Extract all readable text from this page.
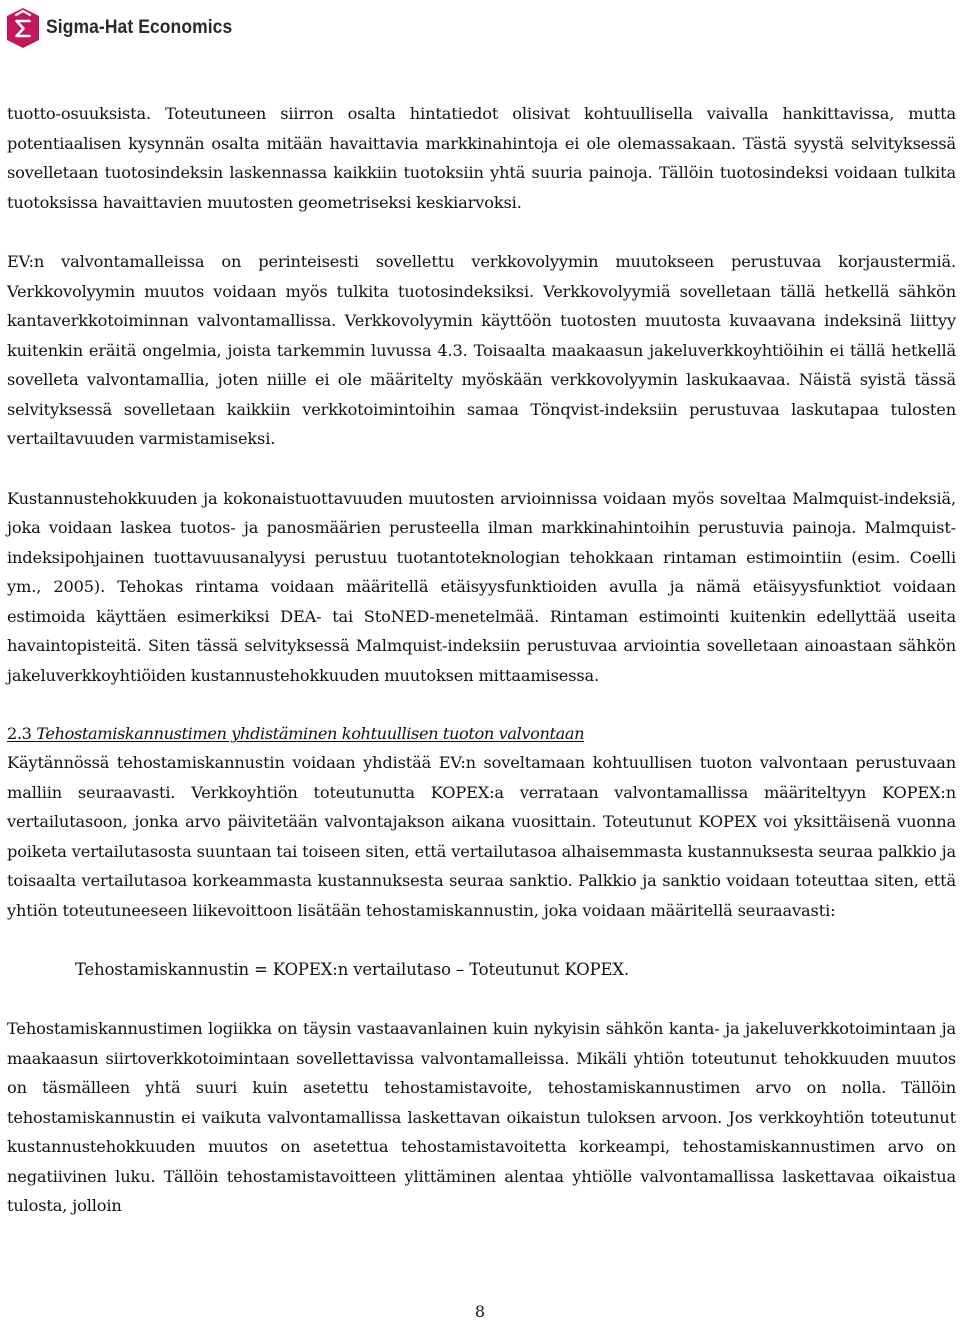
Sigma-Hat Economics

tuotto-osuuksista. Toteutuneen siirron osalta hintatiedot olisivat kohtuullisella vaivalla hankittavissa, mutta potentiaalisen kysynnän osalta mitään havaittavia markkinahintoja ei ole olemassakaan. Tästä syystä selvityksessä sovelletaan tuotosindeksin laskennassa kaikkiin tuotoksiin yhtä suuria painoja. Tällöin tuotosindeksi voidaan tulkita tuotoksissa havaittavien muutosten geometriseksi keskiarvoksi.

EV:n valvontamalleissa on perinteisesti sovellettu verkkovolyymin muutokseen perustuvaa korjaustermiä. Verkkovolyymin muutos voidaan myös tulkita tuotosindeksiksi. Verkkovolyymiä sovelletaan tällä hetkellä sähkön kantaverkkotoiminnan valvontamallissa. Verkkovolyymin käyttöön tuotosten muutosta kuvaavana indeksinä liittyy kuitenkin eräitä ongelmia, joista tarkemmin luvussa 4.3. Toisaalta maakaasun jakeluverkkoyhtiöihin ei tällä hetkellä sovelleta valvontamallia, joten niille ei ole määritelty myöskään verkkovolyymin laskukaavaa. Näistä syistä tässä selvityksessä sovelletaan kaikkiin verkkotoimintoihin samaa Tönqvist-indeksiin perustuvaa laskutapaa tulosten vertailtavuuden varmistamiseksi.

Kustannustehokkuuden ja kokonaistuottavuuden muutosten arvioinnissa voidaan myös soveltaa Malmquist-indeksiä, joka voidaan laskea tuotos- ja panosmäärien perusteella ilman markkinahintoihin perustuvia painoja. Malmquist-indeksipohjainen tuottavuusanalyysi perustuu tuotantoteknologian tehokkaan rintaman estimointiin (esim. Coelli ym., 2005). Tehokas rintama voidaan määritellä etäisyysfunktioiden avulla ja nämä etäisyysfunktiot voidaan estimoida käyttäen esimerkiksi DEA- tai StoNED-menetelmää. Rintaman estimointi kuitenkin edellyttää useita havaintopisteitä. Siten tässä selvityksessä Malmquist-indeksiin perustuvaa arviointia sovelletaan ainoastaan sähkön jakeluverkkoyhtiöiden kustannustehokkuuden muutoksen mittaamisessa.

2.3 Tehostamiskannustimen yhdistäminen kohtuullisen tuoton valvontaan

Käytännössä tehostamiskannustin voidaan yhdistää EV:n soveltamaan kohtuullisen tuoton valvontaan perustuvaan malliin seuraavasti. Verkkoyhtiön toteutunutta KOPEX:a verrataan valvontamallissa määriteltyyn KOPEX:n vertailutasoon, jonka arvo päivitetään valvontajakson aikana vuosittain. Toteutunut KOPEX voi yksittäisenä vuonna poiketa vertailutasosta suuntaan tai toiseen siten, että vertailutasoa alhaisemmasta kustannuksesta seuraa palkkio ja toisaalta vertailutasoa korkeammasta kustannuksesta seuraa sanktio. Palkkio ja sanktio voidaan toteuttaa siten, että yhtiön toteutuneeseen liikevoittoon lisätään tehostamiskannustin, joka voidaan määritellä seuraavasti:

Tehostamiskannustin = KOPEX:n vertailutaso – Toteutunut KOPEX.

Tehostamiskannustimen logiikka on täysin vastaavanlainen kuin nykyisin sähkön kanta- ja jakeluverkkotoimintaan ja maakaasun siirtoverkkotoimintaan sovellettavissa valvontamalleissa. Mikäli yhtiön toteutunut tehokkuuden muutos on täsmälleen yhtä suuri kuin asetettu tehostamistavoite, tehostamiskannustimen arvo on nolla. Tällöin tehostamiskannustin ei vaikuta valvontamallissa laskettavan oikaistun tuloksen arvoon. Jos verkkoyhtiön toteutunut kustannustehokkuuden muutos on asetettua tehostamistavoitetta korkeampi, tehostamiskannustimen arvo on negatiivinen luku. Tällöin tehostamistavoitteen ylittäminen alentaa yhtiölle valvontamallissa laskettavaa oikaistua tulosta, jolloin

8
